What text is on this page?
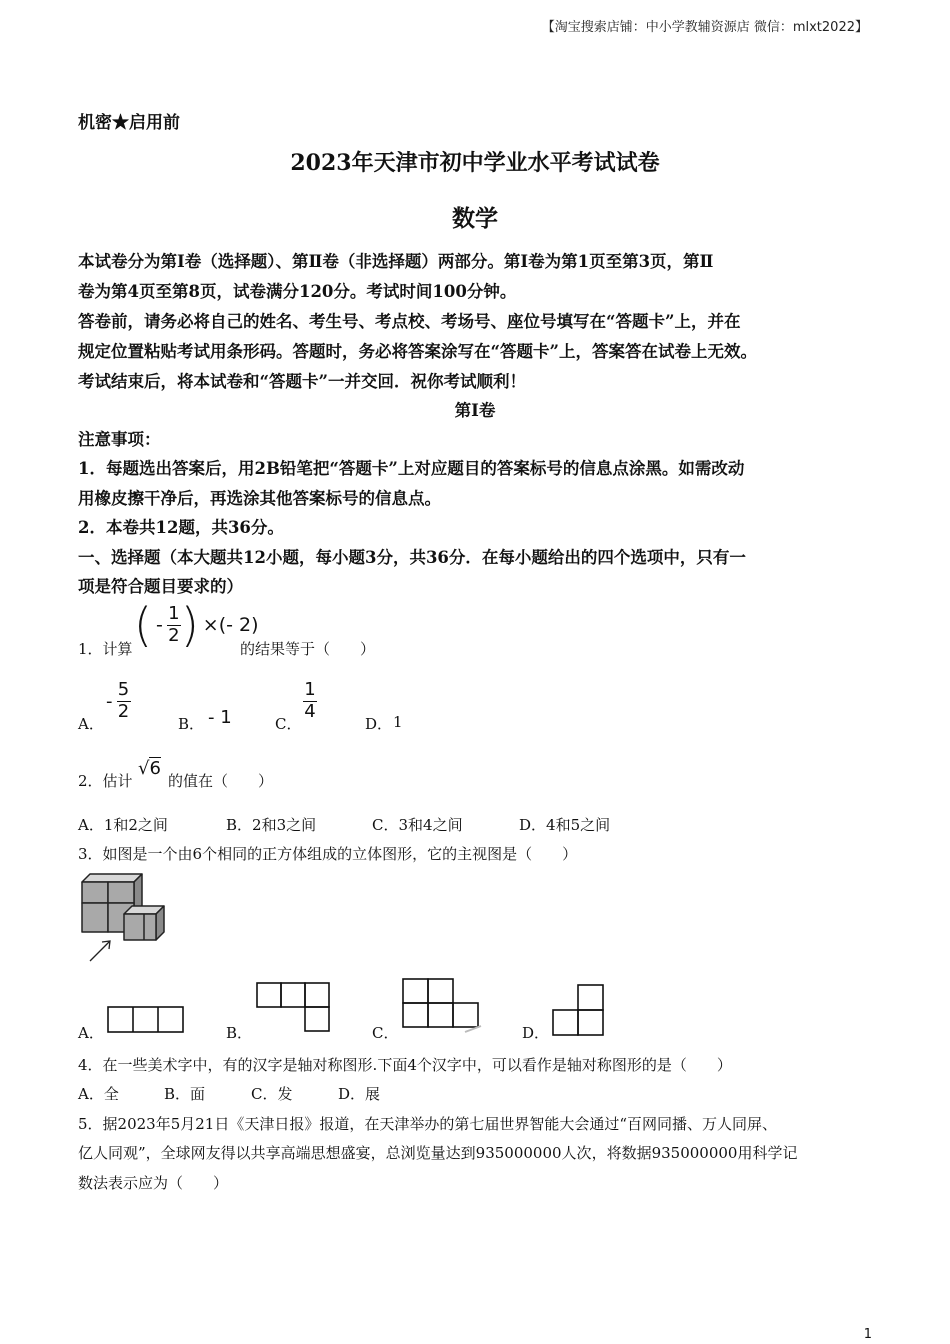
【淘宝搜索店铺：中小学教辅资源店 微信：mlxt2022】
机密★启用前
2023年天津市初中学业水平考试试卷
数学
本试卷分为第Ⅰ卷（选择题）、第Ⅱ卷（非选择题）两部分。第Ⅰ卷为第1页至第3页，第Ⅱ
卷为第4页至第8页，试卷满分120分。考试时间100分钟。
答卷前，请务必将自己的姓名、考生号、考点校、考场号、座位号填写在“答题卡”上，并在
规定位置粘贴考试用条形码。答题时，务必将答案涂写在“答题卡”上，答案答在试卷上无效。
考试结束后，将本试卷和“答题卡”一并交回．祝你考试顺利！
第Ⅰ卷
注意事项：
1．每题选出答案后，用2B铅笔把“答题卡”上对应题目的答案标号的信息点涂黑。如需改动
用橡皮擦干净后，再选涂其他答案标号的信息点。
2．本卷共12题，共36分。
一、选择题（本大题共12小题，每小题3分，共36分．在每小题给出的四个选项中，只有一
项是符合题目要求的）
1．计算 ( - $\frac{1}{2}$ ) × (- 2)
的结果等于（　　）
A．
- $\frac{5}{2}$
B． - 1	C．
$\frac{1}{4}$
D． 1
2．估计
√6
的值在（　　）
A．1和2之间	B．2和3之间	C．3和4之间	D．4和5之间
3．如图是一个由6个相同的正方体组成的立体图形，它的主视图是（　　）
A．	B．	C．	D．
4．在一些美术字中，有的汉字是轴对称图形.下面4个汉字中，可以看作是轴对称图形的是（　　）
A．全	B．面	C．发	D．展
5．据2023年5月21日《天津日报》报道，在天津举办的第七届世界智能大会通过“百网同播、万人同屏、
亿人同观”，全球网友得以共享高端思想盛宴，总浏览量达到935000000人次，将数据935000000用科学记
数法表示应为（　　）
1
